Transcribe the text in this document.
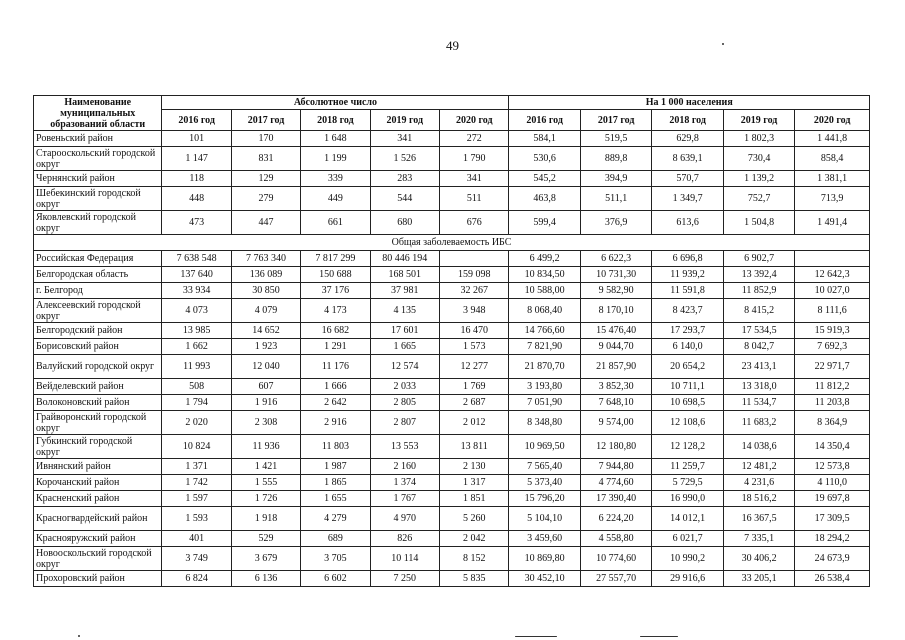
49
Наименование муниципальных образований области	Абсолютное число					На 1 000 населения				
	2016 год	2017 год	2018 год	2019 год	2020 год	2016 год	2017 год	2018 год	2019 год	2020 год
Ровеньский район	101	170	1 648	341	272	584,1	519,5	629,8	1 802,3	1 441,8
Старооскольский городской округ	1 147	831	1 199	1 526	1 790	530,6	889,8	8 639,1	730,4	858,4
Чернянский район	118	129	339	283	341	545,2	394,9	570,7	1 139,2	1 381,1
Шебекинский городской округ	448	279	449	544	511	463,8	511,1	1 349,7	752,7	713,9
Яковлевский городской округ	473	447	661	680	676	599,4	376,9	613,6	1 504,8	1 491,4
Общая заболеваемость ИБС										
Российская Федерация	7 638 548	7 763 340	7 817 299	80 446 194		6 499,2	6 622,3	6 696,8	6 902,7	
Белгородская область	137 640	136 089	150 688	168 501	159 098	10 834,50	10 731,30	11 939,2	13 392,4	12 642,3
г. Белгород	33 934	30 850	37 176	37 981	32 267	10 588,00	9 582,90	11 591,8	11 852,9	10 027,0
Алексеевский городской округ	4 073	4 079	4 173	4 135	3 948	8 068,40	8 170,10	8 423,7	8 415,2	8 111,6
Белгородский район	13 985	14 652	16 682	17 601	16 470	14 766,60	15 476,40	17 293,7	17 534,5	15 919,3
Борисовский район	1 662	1 923	1 291	1 665	1 573	7 821,90	9 044,70	6 140,0	8 042,7	7 692,3
Валуйский городской округ	11 993	12 040	11 176	12 574	12 277	21 870,70	21 857,90	20 654,2	23 413,1	22 971,7
Вейделевский район	508	607	1 666	2 033	1 769	3 193,80	3 852,30	10 711,1	13 318,0	11 812,2
Волоконовский район	1 794	1 916	2 642	2 805	2 687	7 051,90	7 648,10	10 698,5	11 534,7	11 203,8
Грайворонский городской округ	2 020	2 308	2 916	2 807	2 012	8 348,80	9 574,00	12 108,6	11 683,2	8 364,9
Губкинский городской округ	10 824	11 936	11 803	13 553	13 811	10 969,50	12 180,80	12 128,2	14 038,6	14 350,4
Ивнянский район	1 371	1 421	1 987	2 160	2 130	7 565,40	7 944,80	11 259,7	12 481,2	12 573,8
Корочанский район	1 742	1 555	1 865	1 374	1 317	5 373,40	4 774,60	5 729,5	4 231,6	4 110,0
Красненский район	1 597	1 726	1 655	1 767	1 851	15 796,20	17 390,40	16 990,0	18 516,2	19 697,8
Красногвардейский район	1 593	1 918	4 279	4 970	5 260	5 104,10	6 224,20	14 012,1	16 367,5	17 309,5
Краснояружский район	401	529	689	826	2 042	3 459,60	4 558,80	6 021,7	7 335,1	18 294,2
Новооскольский городской округ	3 749	3 679	3 705	10 114	8 152	10 869,80	10 774,60	10 990,2	30 406,2	24 673,9
Прохоровский район	6 824	6 136	6 602	7 250	5 835	30 452,10	27 557,70	29 916,6	33 205,1	26 538,4
